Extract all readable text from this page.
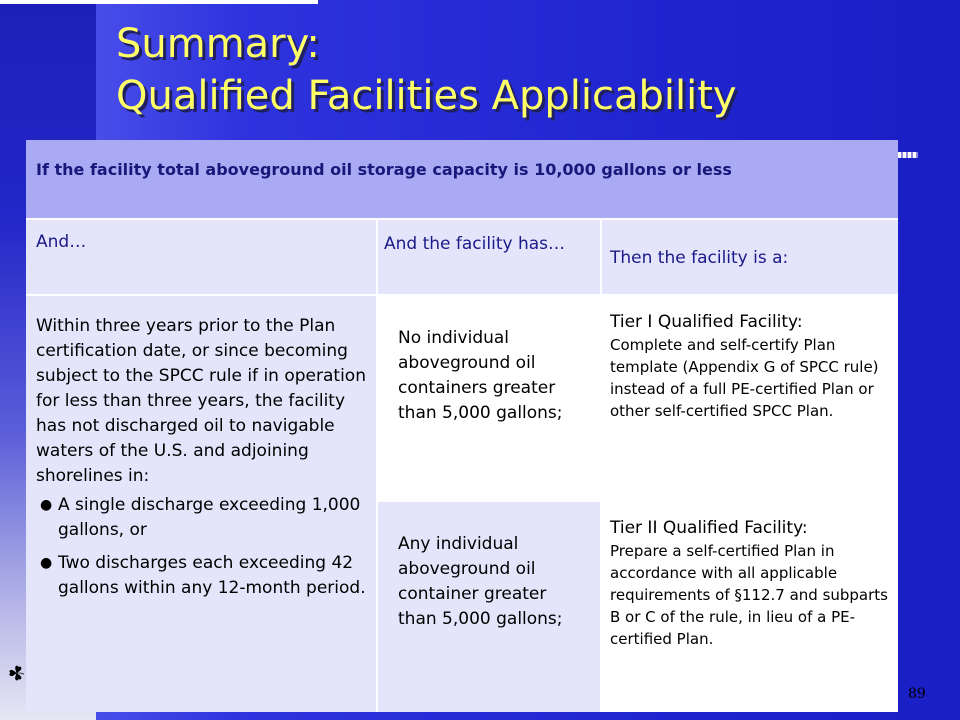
Summary:
Qualified Facilities Applicability
If the facility total aboveground oil storage capacity is 10,000 gallons or less
And…	And the facility has…
Then the facility is a:
Within three years prior to the Plan certification date, or since becoming subject to the SPCC rule if in operation for less than three years, the facility has not discharged oil to navigable waters of the U.S. and adjoining shorelines in:
● A single discharge exceeding 1,000 gallons, or
● Two discharges each exceeding 42 gallons within any 12-month period.
No individual aboveground oil containers greater than 5,000 gallons;
Any individual aboveground oil container greater than 5,000 gallons;
Tier I Qualified Facility:
Complete and self-certify Plan template (Appendix G of SPCC rule) instead of a full PE-certified Plan or other self-certified SPCC Plan.
Tier II Qualified Facility:
Prepare a self-certified Plan in accordance with all applicable requirements of §112.7 and subparts B or C of the rule, in lieu of a PE-certified Plan.
☘
89
